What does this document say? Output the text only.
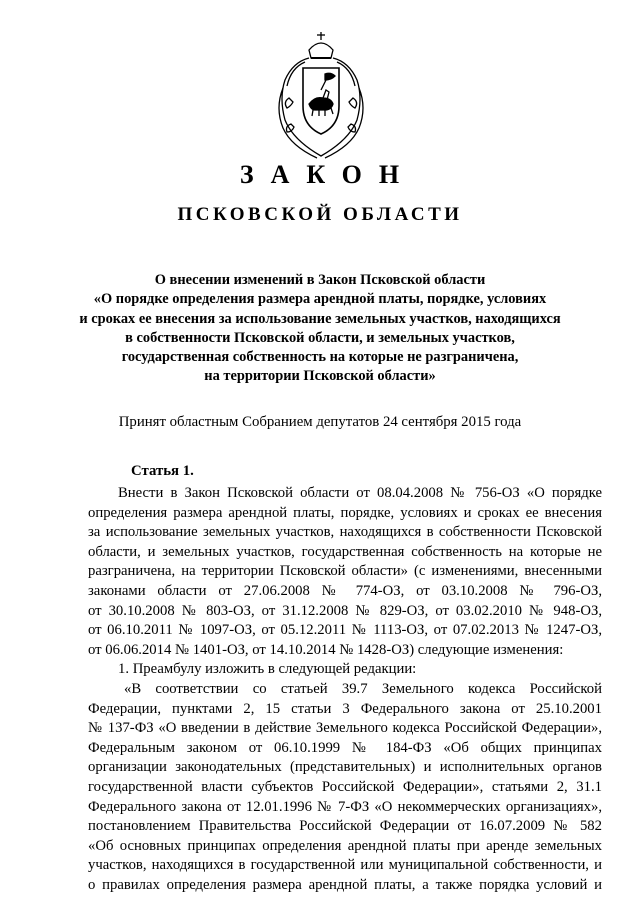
ЗАКОН
ПСКОВСКОЙ ОБЛАСТИ
О внесении изменений в Закон Псковской области
«О порядке определения размера арендной платы, порядке, условиях
и сроках ее внесения за использование земельных участков, находящихся
в собственности Псковской области, и земельных участков,
государственная собственность на которые не разграничена,
на территории Псковской области»
Принят областным Собранием депутатов 24 сентября 2015 года
Статья 1.
Внести в Закон Псковской области от 08.04.2008 № 756-ОЗ «О порядке
определения размера арендной платы, порядке, условиях и сроках ее внесения
за использование земельных участков, находящихся в собственности Псковской
области, и земельных участков, государственная собственность на которые не
разграничена, на территории Псковской области» (с изменениями, внесенными
законами области от 27.06.2008 № 774-ОЗ, от 03.10.2008 № 796-ОЗ,
от 30.10.2008 № 803-ОЗ, от 31.12.2008 № 829-ОЗ, от 03.02.2010 № 948-ОЗ,
от 06.10.2011 № 1097-ОЗ, от 05.12.2011 № 1113-ОЗ, от 07.02.2013 № 1247-ОЗ,
от 06.06.2014 № 1401-ОЗ, от 14.10.2014 № 1428-ОЗ) следующие изменения:
1. Преамбулу изложить в следующей редакции:
«В соответствии со статьей 39.7 Земельного кодекса Российской
Федерации, пунктами 2, 15 статьи 3 Федерального закона от 25.10.2001
№ 137-ФЗ «О введении в действие Земельного кодекса Российской Федерации»,
Федеральным законом от 06.10.1999 № 184-ФЗ «Об общих принципах
организации законодательных (представительных) и исполнительных органов
государственной власти субъектов Российской Федерации», статьями 2, 31.1
Федерального закона от 12.01.1996 № 7-ФЗ «О некоммерческих организациях»,
постановлением Правительства Российской Федерации от 16.07.2009 № 582
«Об основных принципах определения арендной платы при аренде земельных
участков, находящихся в государственной или муниципальной собственности, и
о правилах определения размера арендной платы, а также порядка условий и
